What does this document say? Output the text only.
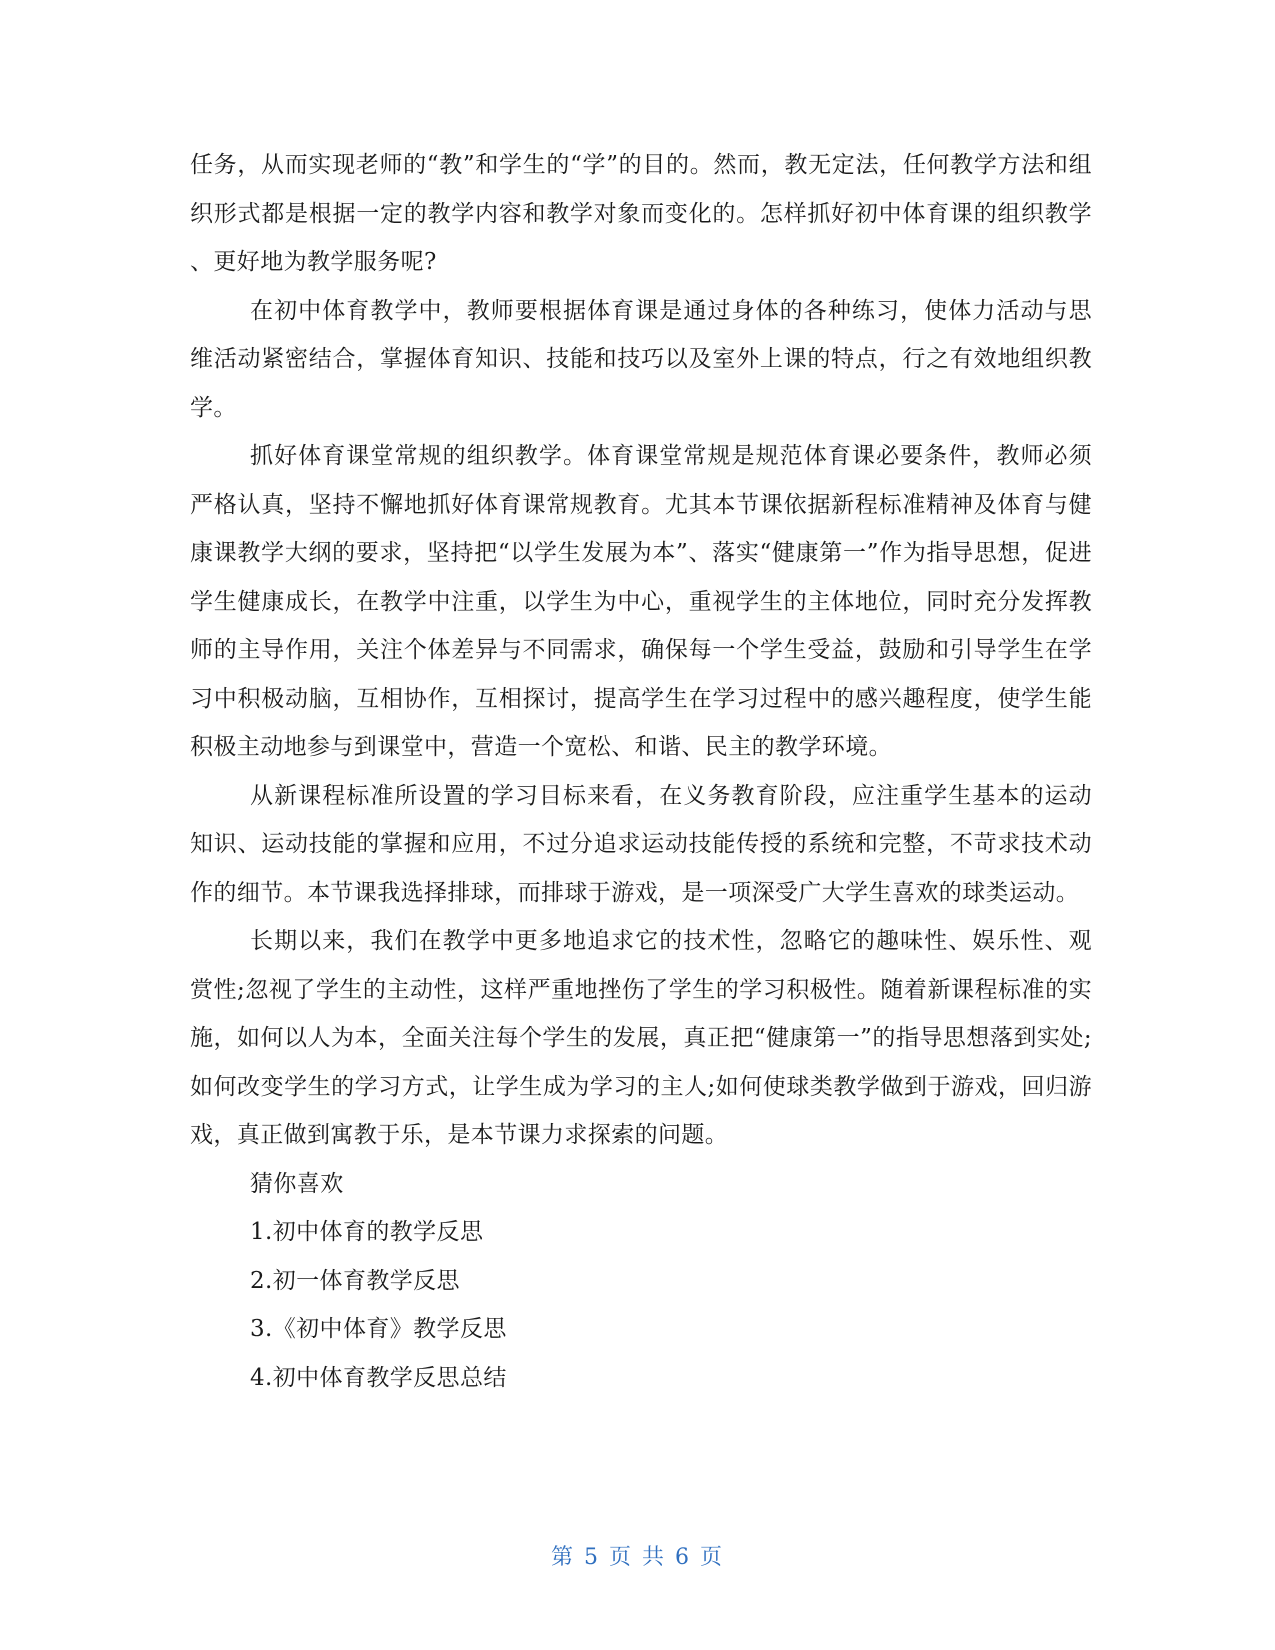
任务，从而实现老师的“教”和学生的“学”的目的。然而，教无定法，任何教学方法和组织形式都是根据一定的教学内容和教学对象而变化的。怎样抓好初中体育课的组织教学、更好地为教学服务呢?

在初中体育教学中，教师要根据体育课是通过身体的各种练习，使体力活动与思维活动紧密结合，掌握体育知识、技能和技巧以及室外上课的特点，行之有效地组织教学。

抓好体育课堂常规的组织教学。体育课堂常规是规范体育课必要条件，教师必须严格认真，坚持不懈地抓好体育课常规教育。尤其本节课依据新程标准精神及体育与健康课教学大纲的要求，坚持把“以学生发展为本”、落实“健康第一”作为指导思想，促进学生健康成长，在教学中注重，以学生为中心，重视学生的主体地位，同时充分发挥教师的主导作用，关注个体差异与不同需求，确保每一个学生受益，鼓励和引导学生在学习中积极动脑，互相协作，互相探讨，提高学生在学习过程中的感兴趣程度，使学生能积极主动地参与到课堂中，营造一个宽松、和谐、民主的教学环境。

从新课程标准所设置的学习目标来看，在义务教育阶段，应注重学生基本的运动知识、运动技能的掌握和应用，不过分追求运动技能传授的系统和完整，不苛求技术动作的细节。本节课我选择排球，而排球于游戏，是一项深受广大学生喜欢的球类运动。

长期以来，我们在教学中更多地追求它的技术性，忽略它的趣味性、娱乐性、观赏性;忽视了学生的主动性，这样严重地挫伤了学生的学习积极性。随着新课程标准的实施，如何以人为本，全面关注每个学生的发展，真正把“健康第一”的指导思想落到实处;如何改变学生的学习方式，让学生成为学习的主人;如何使球类教学做到于游戏，回归游戏，真正做到寓教于乐，是本节课力求探索的问题。

猜你喜欢
1.初中体育的教学反思
2.初一体育教学反思
3.《初中体育》教学反思
4.初中体育教学反思总结
第 5 页 共 6 页
